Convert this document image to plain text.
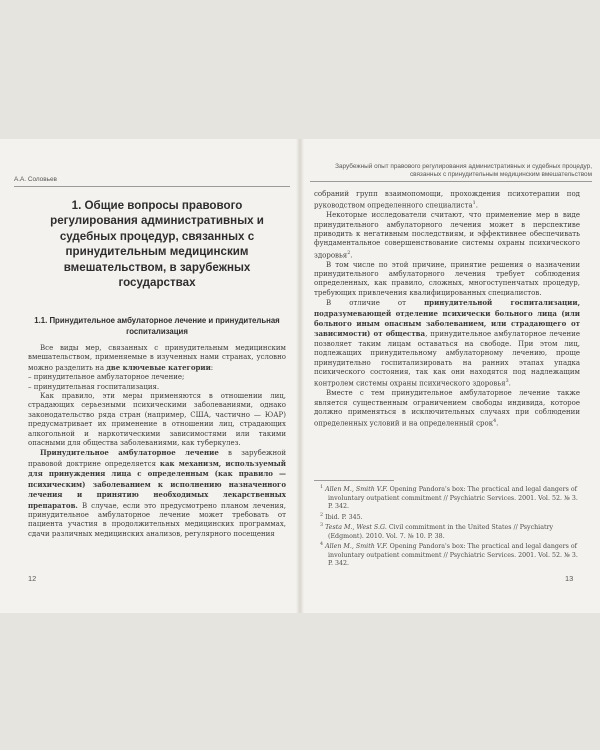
А.А. Соловьев
1. Общие вопросы правового регулирования административных и судебных процедур, связанных с принудительным медицинским вмешательством, в зарубежных государствах
1.1. Принудительное амбулаторное лечение и принудительная госпитализация

Все виды мер, связанных с принудительным медицинским вмешательством, применяемые в изученных нами странах, условно можно разделить на две ключевые категории:

– принудительное амбулаторное лечение;

– принудительная госпитализация.

Как правило, эти меры применяются в отношении лиц, страдающих серьезными психическими заболеваниями, однако законодательство ряда стран (например, США, частично — ЮАР) предусматривает их применение в отношении лиц, страдающих алкогольной и наркотическими зависимостями или такими опасными для общества заболеваниями, как туберкулез.

Принудительное амбулаторное лечение в зарубежной правовой доктрине определяется как механизм, используемый для принуждения лица с определенным (как правило — психическим) заболеванием к исполнению назначенного лечения и принятию необходимых лекарственных препаратов. В случае, если это предусмотрено планом лечения, принудительное амбулаторное лечение может требовать от пациента участия в продолжительных медицинских программах, сдачи различных медицинских анализов, регулярного посещения

12
Зарубежный опыт правового регулирования административных и судебных процедур, связанных с принудительным медицинским вмешательством

собраний групп взаимопомощи, прохождения психотерапии под руководством определенного специалиста$^1$.

Некоторые исследователи считают, что применение мер в виде принудительного амбулаторного лечения может в перспективе приводить к негативным последствиям, и эффективнее обеспечивать фундаментальное совершенствование системы охраны психического здоровья$^2$.

В том числе по этой причине, принятие решения о назначении принудительного амбулаторного лечения требует соблюдения определенных, как правило, сложных, многоступенчатых процедур, требующих привлечения квалифицированных специалистов.

В отличие от принудительной госпитализации, подразумевающей отделение психически больного лица (или больного иным опасным заболеванием, или страдающего от зависимости) от общества, принудительное амбулаторное лечение позволяет таким лицам оставаться на свободе. При этом лиц, подлежащих принудительному амбулаторному лечению, проще принудительно госпитализировать на ранних этапах упадка психического состояния, так как они находятся под надлежащим контролем системы охраны психического здоровья$^3$.

Вместе с тем принудительное амбулаторное лечение также является существенным ограничением свободы индивида, которое должно применяться в исключительных случаях при соблюдении определенных условий и на определенный срок$^4$.

$^1$ Allen M., Smith V.F. Opening Pandora's box: The practical and legal dangers of involuntary outpatient commitment // Psychiatric Services. 2001. Vol. 52. № 3. P. 342.
$^2$ Ibid. P. 345.
$^3$ Testa M., West S.G. Civil commitment in the United States // Psychiatry (Edgmont). 2010. Vol. 7. № 10. P. 38.
$^4$ Allen M., Smith V.F. Opening Pandora's box: The practical and legal dangers of involuntary outpatient commitment // Psychiatric Services. 2001. Vol. 52. № 3. P. 342.
13
